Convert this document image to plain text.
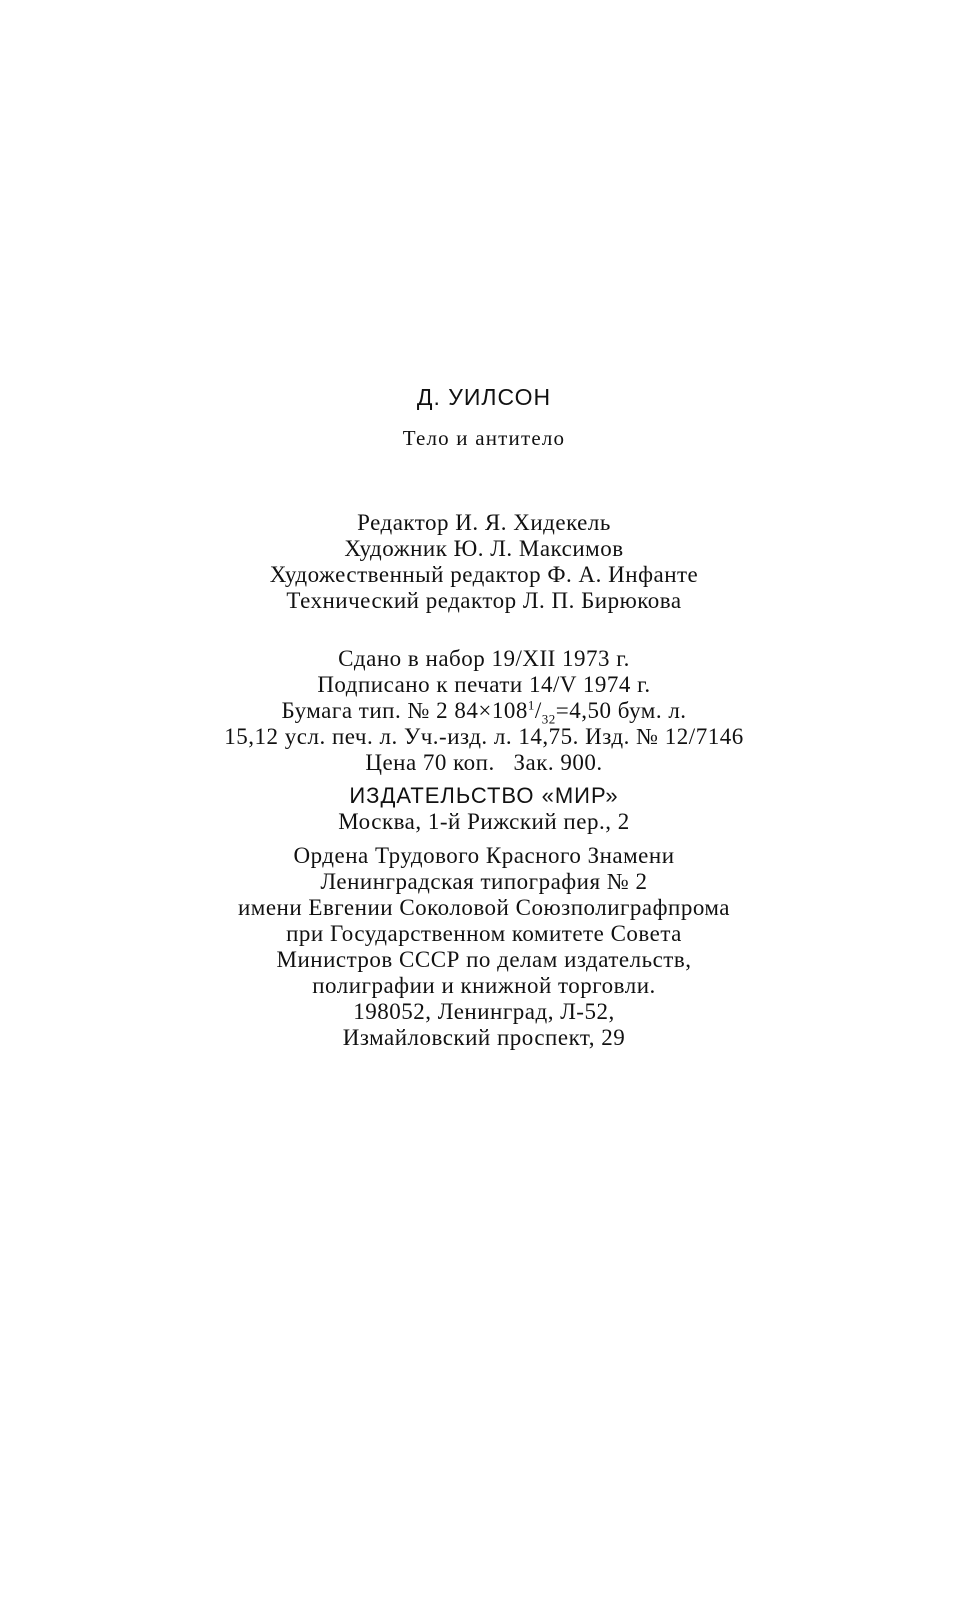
Д. УИЛСОН
Тело и антитело
Редактор И. Я. Хидекель
Художник Ю. Л. Максимов
Художественный редактор Ф. А. Инфанте
Технический редактор Л. П. Бирюкова
Сдано в набор 19/XII 1973 г.
Подписано к печати 14/V 1974 г.
Бумага тип. № 2 $84\times 108^1/_{32}=4,50$ бум. л.
15,12 усл. печ. л. Уч.-изд. л. 14,75. Изд. № 12/7146
Цена 70 коп.   Зак. 900.
ИЗДАТЕЛЬСТВО «МИР»
Москва, 1-й Рижский пер., 2
Ордена Трудового Красного Знамени
Ленинградская типография № 2
имени Евгении Соколовой Союзполиграфпрома
при Государственном комитете Совета
Министров СССР по делам издательств,
полиграфии и книжной торговли.
198052, Ленинград, Л-52,
Измайловский проспект, 29
